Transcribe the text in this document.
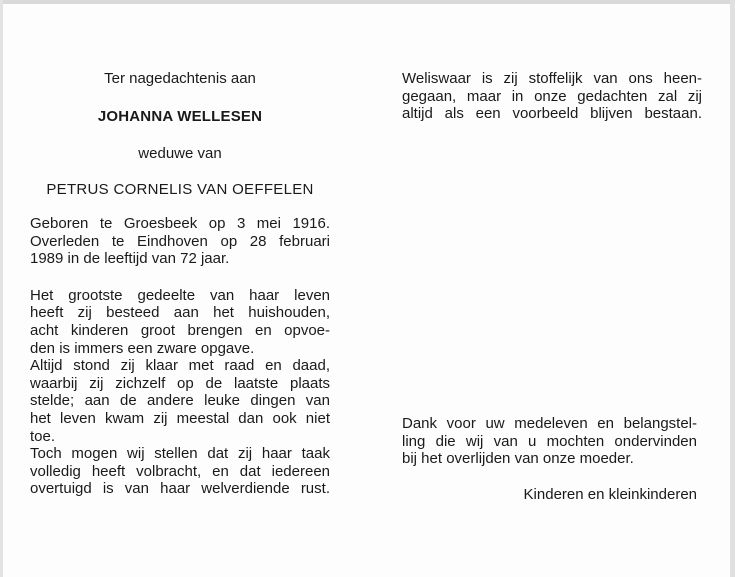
Ter nagedachtenis aan
JOHANNA WELLESEN
weduwe van
PETRUS CORNELIS VAN OEFFELEN
Geboren te Groesbeek op 3 mei 1916.
Overleden te Eindhoven op 28 februari
1989 in de leeftijd van 72 jaar.
Het grootste gedeelte van haar leven
heeft zij besteed aan het huishouden,
acht kinderen groot brengen en opvoe-
den is immers een zware opgave.
Altijd stond zij klaar met raad en daad,
waarbij zij zichzelf op de laatste plaats
stelde; aan de andere leuke dingen van
het leven kwam zij meestal dan ook niet
toe.
Toch mogen wij stellen dat zij haar taak
volledig heeft volbracht, en dat iedereen
overtuigd is van haar welverdiende rust.
Weliswaar is zij stoffelijk van ons heen-
gegaan, maar in onze gedachten zal zij
altijd als een voorbeeld blijven bestaan.
Dank voor uw medeleven en belangstel-
ling die wij van u mochten ondervinden
bij het overlijden van onze moeder.
Kinderen en kleinkinderen
